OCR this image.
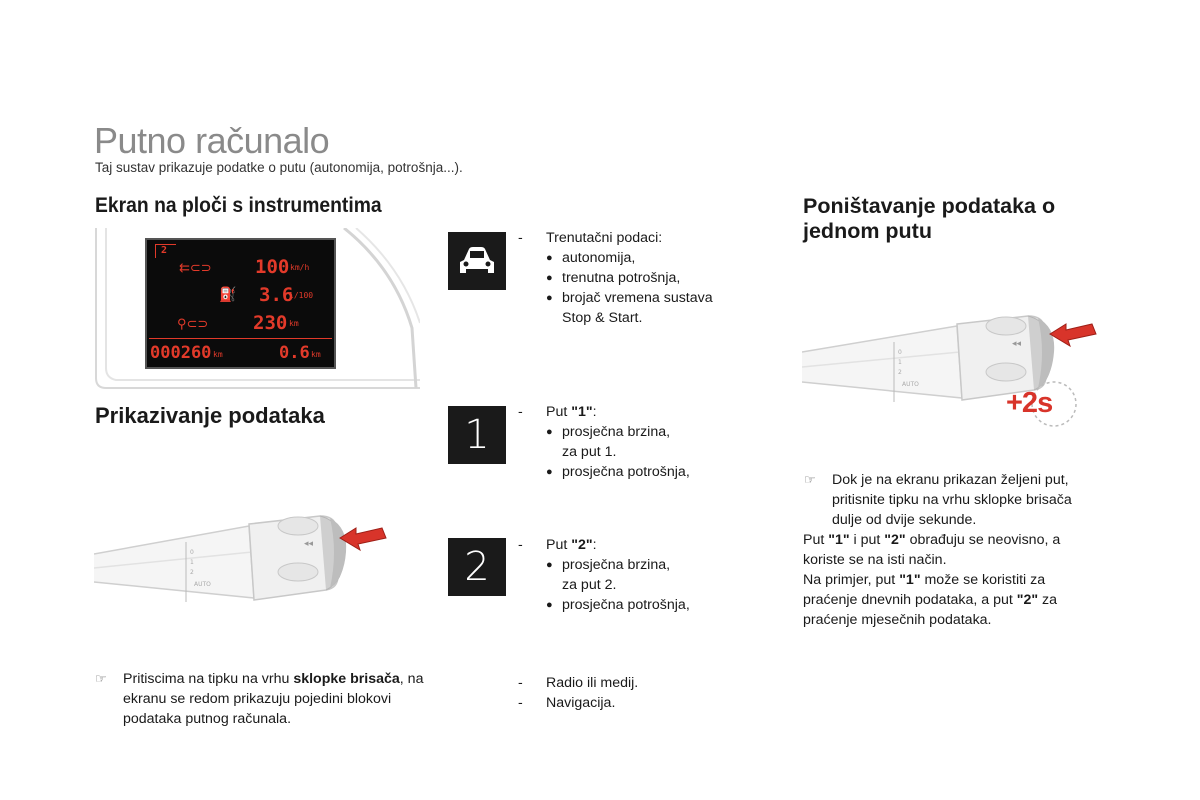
Putno računalo
Taj sustav prikazuje podatke o putu (autonomija, potrošnja...).
Ekran na ploči s instrumentima
2
⇇⊂⊃ 100 km/h
⛽ 3.6
l/100
⚲⊂⊃ 230 km
000260 km	0.6 km
Prikazivanje podataka
◂◂
0
1
2
AUTO
☞ Pritiscima na tipku na vrhu sklopke brisača, na ekranu se redom prikazuju pojedini blokovi podataka putnog računala.
- Trenutačni podaci:
● autonomija,
● trenutna potrošnja,
● brojač vremena sustava
Stop & Start.
1	- Put "1":
● prosječna brzina,
za put 1.
● prosječna potrošnja,
2	- Put "2":
● prosječna brzina,
za put 2.
● prosječna potrošnja,
- Radio ili medij.
- Navigacija.
Poništavanje podataka o jednom putu
◂◂
0
1
2
AUTO
+2s
☞ Dok je na ekranu prikazan željeni put, pritisnite tipku na vrhu sklopke brisača dulje od dvije sekunde.
Put "1" i put "2" obrađuju se neovisno, a koriste se na isti način.
Na primjer, put "1" može se koristiti za praćenje dnevnih podataka, a put "2" za praćenje mjesečnih podataka.
